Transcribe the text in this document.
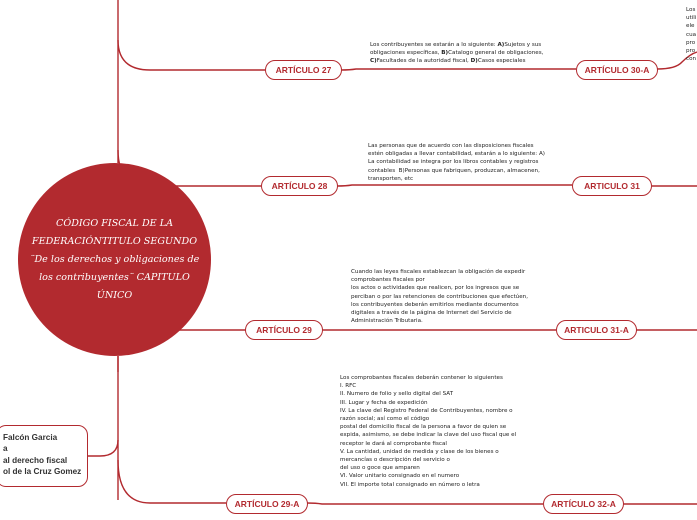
CÓDIGO FISCAL DE LA FEDERACIÓNTITULO SEGUNDO ¨De los derechos y obligaciones de los contribuyentes¨ CAPITULO ÚNICO
Falcón Garcia
a
al derecho fiscal
ol de la Cruz Gomez
ARTÍCULO 27
ARTÍCULO 28
ARTÍCULO 29
ARTÍCULO 29-A
ARTÍCULO 30-A
ARTICULO 31
ARTICULO 31-A
ARTÍCULO 32-A
Los contribuyentes se estarán a lo siguiente: A)Sujetos y sus
obligaciones específicas, B)Catalogo general de obligaciones,
C)Facultades de la autoridad fiscal, D)Casos especiales
Las personas que de acuerdo con las disposiciones fiscales
estén obligadas a llevar contabilidad, estarán a lo siguiente: A)
La contabilidad se integra por los libros contables y registros
contables  B)Personas que fabriquen, produzcan, almacenen,
transporten, etc
Cuando las leyes fiscales establezcan la obligación de expedir
comprobantes fiscales por
los actos o actividades que realicen, por los ingresos que se
perciban o por las retenciones de contribuciones que efectúen,
los contribuyentes deberán emitirlos mediante documentos
digitales a través de la página de Internet del Servicio de
Administración Tributaria.
Los comprobantes fiscales deberán contener lo siguientes
I. RFC
II. Numero de folio y sello digital del SAT
III. Lugar y fecha de expedición
IV. La clave del Registro Federal de Contribuyentes, nombre o
razón social; así como el código
postal del domicilio fiscal de la persona a favor de quien se
expida, asimismo, se debe indicar la clave del uso fiscal que el
receptor le dará al comprobante fiscal
V. La cantidad, unidad de medida y clase de los bienes o
mercancías o descripción del servicio o
del uso o goce que amparen
VI. Valor unitario consignado en el numero
VII. El importe total consignado en número o letra
Los
utili
ele
cua
pro
pro
con
